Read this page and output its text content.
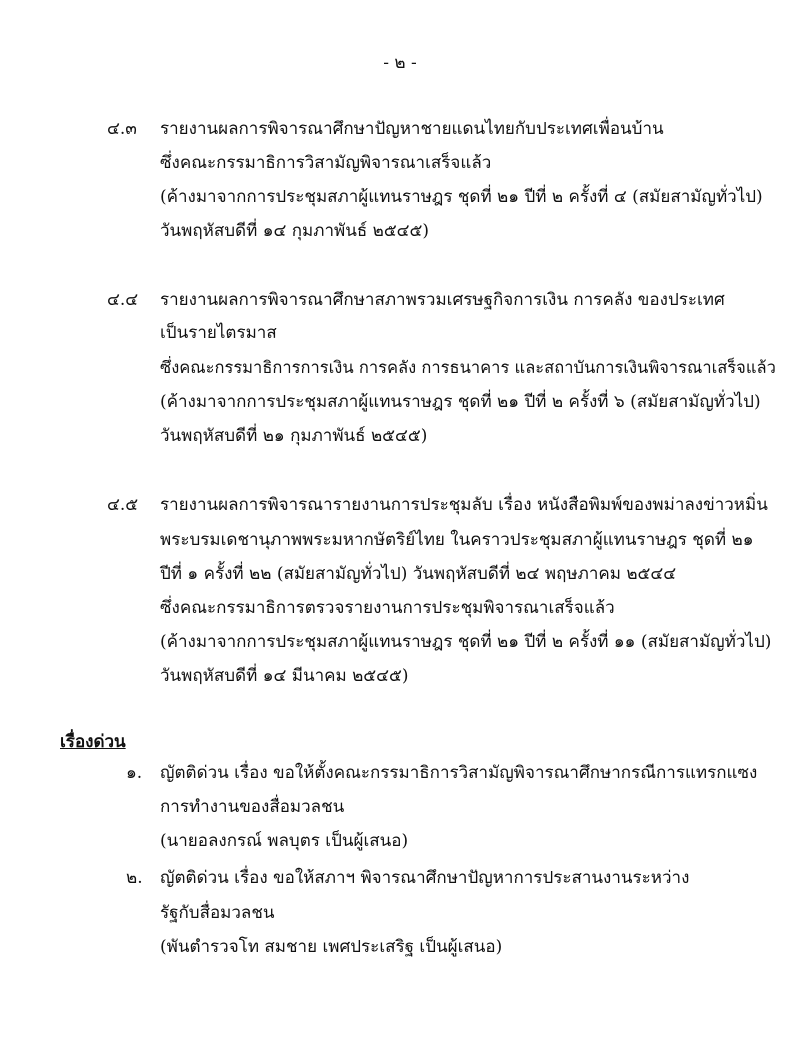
- ๒ -
๔.๓ รายงานผลการพิจารณาศึกษาปัญหาชายแดนไทยกับประเทศเพื่อนบ้าน
ซึ่งคณะกรรมาธิการวิสามัญพิจารณาเสร็จแล้ว
(ค้างมาจากการประชุมสภาผู้แทนราษฎร ชุดที่ ๒๑ ปีที่ ๒ ครั้งที่ ๔ (สมัยสามัญทั่วไป)
วันพฤหัสบดีที่ ๑๔ กุมภาพันธ์ ๒๕๔๕)
๔.๔ รายงานผลการพิจารณาศึกษาสภาพรวมเศรษฐกิจการเงิน การคลัง ของประเทศ
เป็นรายไตรมาส
ซึ่งคณะกรรมาธิการการเงิน การคลัง การธนาคาร และสถาบันการเงินพิจารณาเสร็จแล้ว
(ค้างมาจากการประชุมสภาผู้แทนราษฎร ชุดที่ ๒๑ ปีที่ ๒ ครั้งที่ ๖ (สมัยสามัญทั่วไป)
วันพฤหัสบดีที่ ๒๑ กุมภาพันธ์ ๒๕๔๕)
๔.๕ รายงานผลการพิจารณารายงานการประชุมลับ เรื่อง หนังสือพิมพ์ของพม่าลงข่าวหมิ่น
พระบรมเดชานุภาพพระมหากษัตริย์ไทย ในคราวประชุมสภาผู้แทนราษฎร ชุดที่ ๒๑
ปีที่ ๑ ครั้งที่ ๒๒ (สมัยสามัญทั่วไป) วันพฤหัสบดีที่ ๒๔ พฤษภาคม ๒๕๔๔
ซึ่งคณะกรรมาธิการตรวจรายงานการประชุมพิจารณาเสร็จแล้ว
(ค้างมาจากการประชุมสภาผู้แทนราษฎร ชุดที่ ๒๑ ปีที่ ๒ ครั้งที่ ๑๑ (สมัยสามัญทั่วไป)
วันพฤหัสบดีที่ ๑๔ มีนาคม ๒๕๔๕)
เรื่องด่วน
๑. ญัตติด่วน เรื่อง ขอให้ตั้งคณะกรรมาธิการวิสามัญพิจารณาศึกษากรณีการแทรกแซง
การทำงานของสื่อมวลชน
(นายอลงกรณ์ พลบุตร เป็นผู้เสนอ)
๒. ญัตติด่วน เรื่อง ขอให้สภาฯ พิจารณาศึกษาปัญหาการประสานงานระหว่าง
รัฐกับสื่อมวลชน
(พันตำรวจโท สมชาย เพศประเสริฐ เป็นผู้เสนอ)
